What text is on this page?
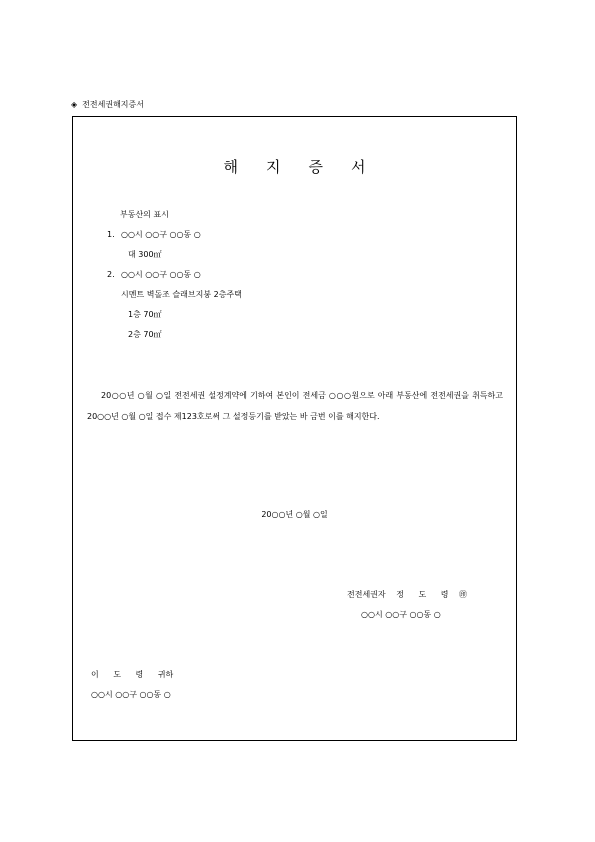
◈ 전전세권해지증서
해지증서
부동산의 표시
1. ○○시 ○○구 ○○동 ○
대 300㎡
2. ○○시 ○○구 ○○동 ○
시멘트 벽돌조 슬래브지붕 2층주택
1층 70㎡
2층 70㎡
20○○년 ○월 ○일 전전세권 설정계약에 기하여 본인이 전세금 ○○○원으로 아래 부동산에 전전세권을 취득하고 20○○년 ○월 ○일 접수 제123호로써 그 설정등기를 받았는 바 금번 이를 해지한다.
20○○년 ○월 ○일
전전세권자 정 도 령 ㊞
○○시 ○○구 ○○동 ○
이 도 령 귀하
○○시 ○○구 ○○동 ○
